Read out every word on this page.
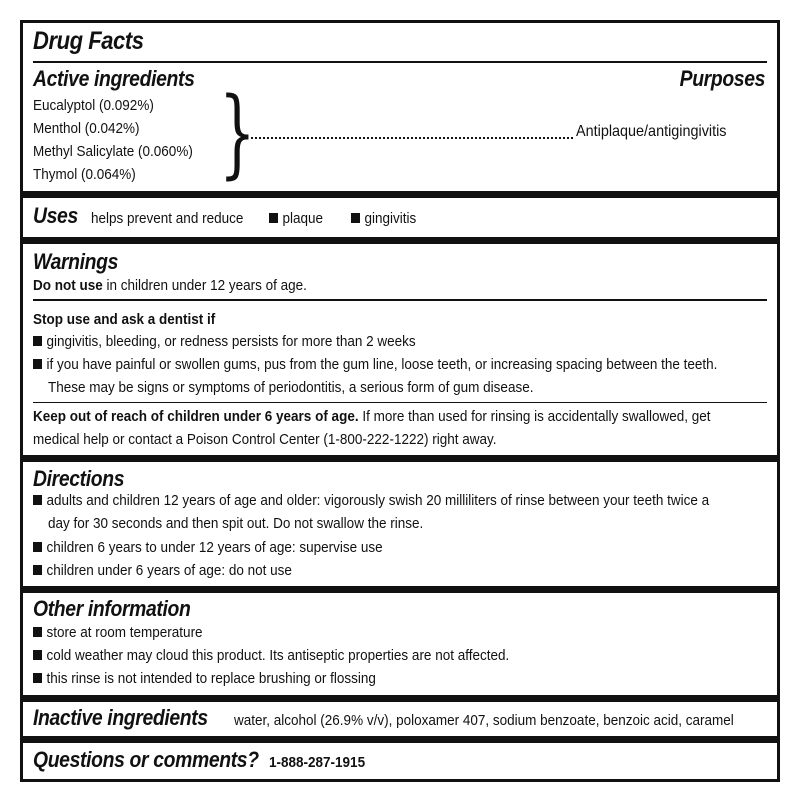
Drug Facts
Active ingredients	Purposes
Eucalyptol (0.092%)
Menthol (0.042%)
Methyl Salicylate (0.060%)
Thymol (0.064%) }	Antiplaque/antigingivitis
Uses helps prevent and reduce	plaque	gingivitis
Warnings
Do not use in children under 12 years of age.
Stop use and ask a dentist if
gingivitis, bleeding, or redness persists for more than 2 weeks
if you have painful or swollen gums, pus from the gum line, loose teeth, or increasing spacing between the teeth.
These may be signs or symptoms of periodontitis, a serious form of gum disease.
Keep out of reach of children under 6 years of age. If more than used for rinsing is accidentally swallowed, get
medical help or contact a Poison Control Center (1-800-222-1222) right away.
Directions
adults and children 12 years of age and older: vigorously swish 20 milliliters of rinse between your teeth twice a
day for 30 seconds and then spit out. Do not swallow the rinse.
children 6 years to under 12 years of age: supervise use
children under 6 years of age: do not use
Other information
store at room temperature
cold weather may cloud this product. Its antiseptic properties are not affected.
this rinse is not intended to replace brushing or flossing
Inactive ingredients water, alcohol (26.9% v/v), poloxamer 407, sodium benzoate, benzoic acid, caramel
Questions or comments? 1-888-287-1915
